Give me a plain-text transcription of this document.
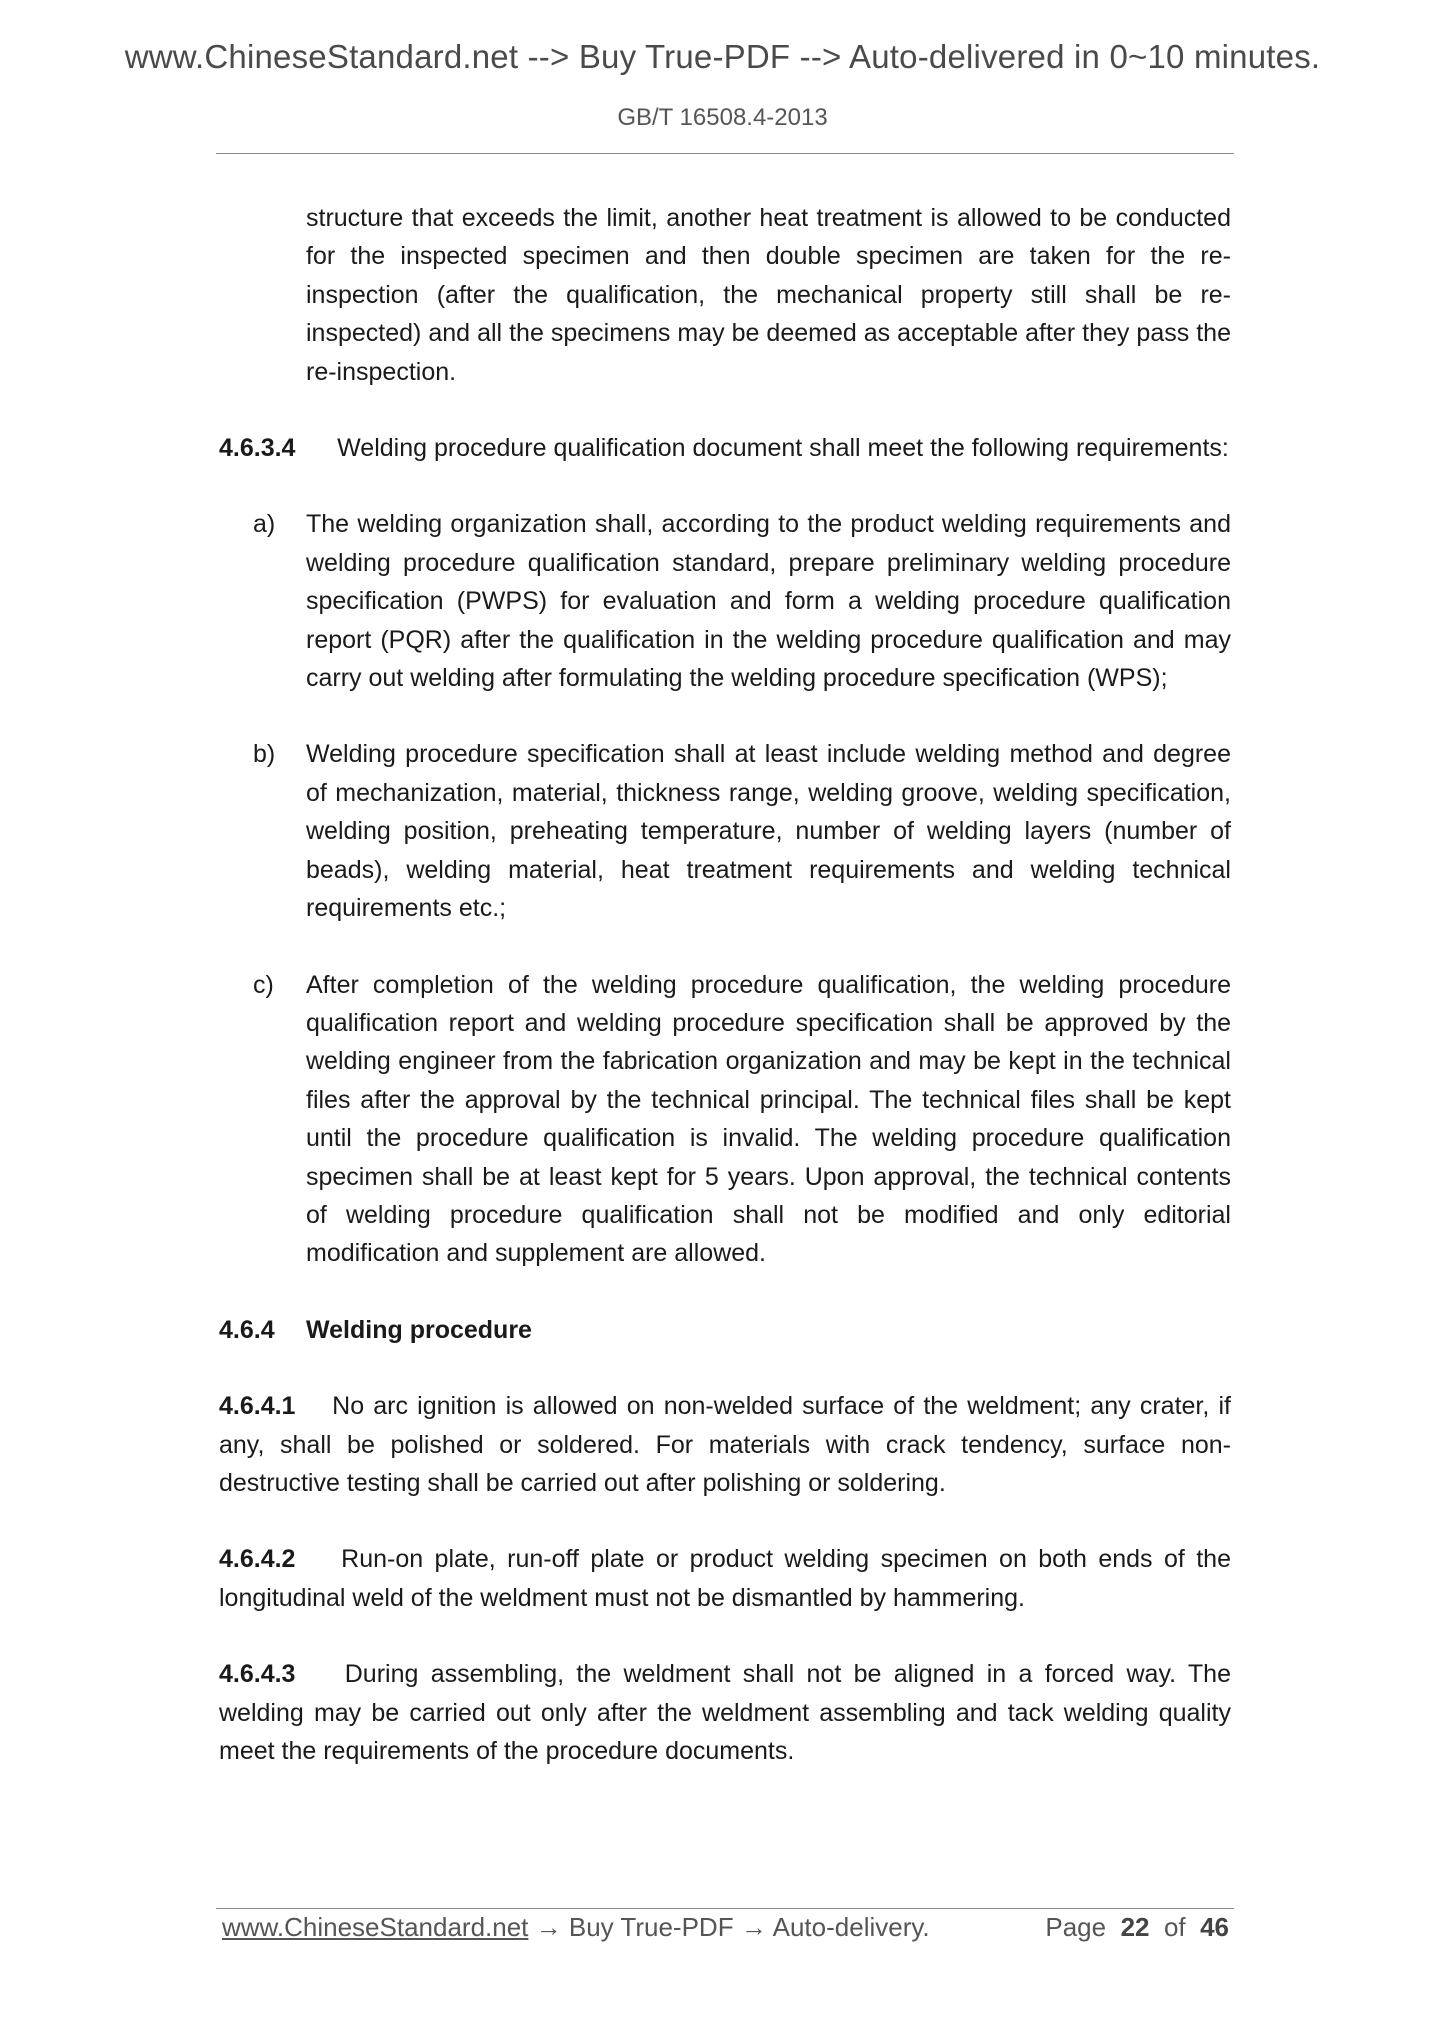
www.ChineseStandard.net --> Buy True-PDF --> Auto-delivered in 0~10 minutes.
GB/T 16508.4-2013

structure that exceeds the limit, another heat treatment is allowed to be conducted for the inspected specimen and then double specimen are taken for the re-inspection (after the qualification, the mechanical property still shall be re-inspected) and all the specimens may be deemed as acceptable after they pass the re-inspection.

4.6.3.4 Welding procedure qualification document shall meet the following requirements:

a) The welding organization shall, according to the product welding requirements and welding procedure qualification standard, prepare preliminary welding procedure specification (PWPS) for evaluation and form a welding procedure qualification report (PQR) after the qualification in the welding procedure qualification and may carry out welding after formulating the welding procedure specification (WPS);
b) Welding procedure specification shall at least include welding method and degree of mechanization, material, thickness range, welding groove, welding specification, welding position, preheating temperature, number of welding layers (number of beads), welding material, heat treatment requirements and welding technical requirements etc.;
c) After completion of the welding procedure qualification, the welding procedure qualification report and welding procedure specification shall be approved by the welding engineer from the fabrication organization and may be kept in the technical files after the approval by the technical principal. The technical files shall be kept until the procedure qualification is invalid. The welding procedure qualification specimen shall be at least kept for 5 years. Upon approval, the technical contents of welding procedure qualification shall not be modified and only editorial modification and supplement are allowed.

4.6.4 Welding procedure

4.6.4.1 No arc ignition is allowed on non-welded surface of the weldment; any crater, if any, shall be polished or soldered. For materials with crack tendency, surface non-destructive testing shall be carried out after polishing or soldering.

4.6.4.2 Run-on plate, run-off plate or product welding specimen on both ends of the longitudinal weld of the weldment must not be dismantled by hammering.

4.6.4.3 During assembling, the weldment shall not be aligned in a forced way. The welding may be carried out only after the weldment assembling and tack welding quality meet the requirements of the procedure documents.

www.ChineseStandard.net → Buy True-PDF → Auto-delivery.	Page 22 of 46
